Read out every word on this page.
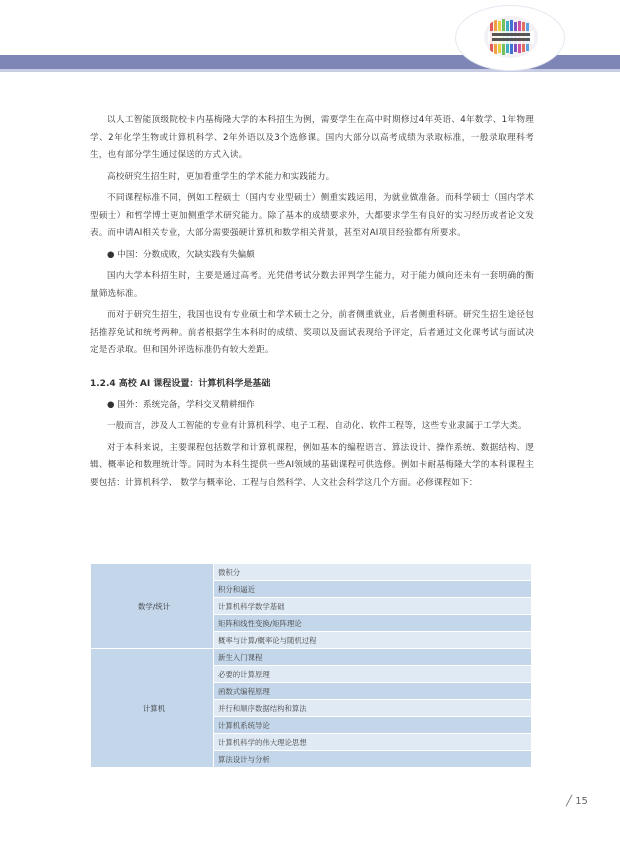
以人工智能顶级院校卡内基梅隆大学的本科招生为例，需要学生在高中时期修过4年英语、4年数学、1年物理学、2年化学生物或计算机科学、2年外语以及3个选修课。国内大部分以高考成绩为录取标准，一般录取理科考生，也有部分学生通过保送的方式入读。

高校研究生招生时，更加看重学生的学术能力和实践能力。

不同课程标准不同，例如工程硕士（国内专业型硕士）侧重实践运用，为就业做准备。而科学硕士（国内学术型硕士）和哲学博士更加侧重学术研究能力。除了基本的成绩要求外，大都要求学生有良好的实习经历或者论文发表。而申请AI相关专业，大部分需要强硬计算机和数学相关背景，甚至对AI项目经验都有所要求。

● 中国：分数成败，欠缺实践有失偏颇

国内大学本科招生时，主要是通过高考。光凭借考试分数去评判学生能力，对于能力倾向还未有一套明确的衡量筛选标准。

而对于研究生招生，我国也设有专业硕士和学术硕士之分，前者侧重就业，后者侧重科研。研究生招生途径包括推荐免试和统考两种。前者根据学生本科时的成绩、奖项以及面试表现给予评定，后者通过文化课考试与面试决定是否录取。但和国外评选标准仍有较大差距。

1.2.4 高校 AI 课程设置：计算机科学是基础

● 国外：系统完备，学科交叉精耕细作

一般而言，涉及人工智能的专业有计算机科学、电子工程、自动化、软件工程等，这些专业隶属于工学大类。

对于本科来说，主要课程包括数学和计算机课程，例如基本的编程语言、算法设计、操作系统、数据结构、逻辑、概率论和数理统计等。同时为本科生提供一些AI领域的基础课程可供选修。例如卡耐基梅隆大学的本科课程主要包括：计算机科学、 数学与概率论、工程与自然科学、人文社会科学这几个方面。必修课程如下：

数学/统计	微积分
	积分和逼近
	计算机科学数学基础
	矩阵和线性变换/矩阵理论
	概率与计算/概率论与随机过程
计算机	新生入门课程
	必要的计算原理
	函数式编程原理
	并行和顺序数据结构和算法
	计算机系统导论
	计算机科学的伟大理论思想
	算法设计与分析
╱ 15
